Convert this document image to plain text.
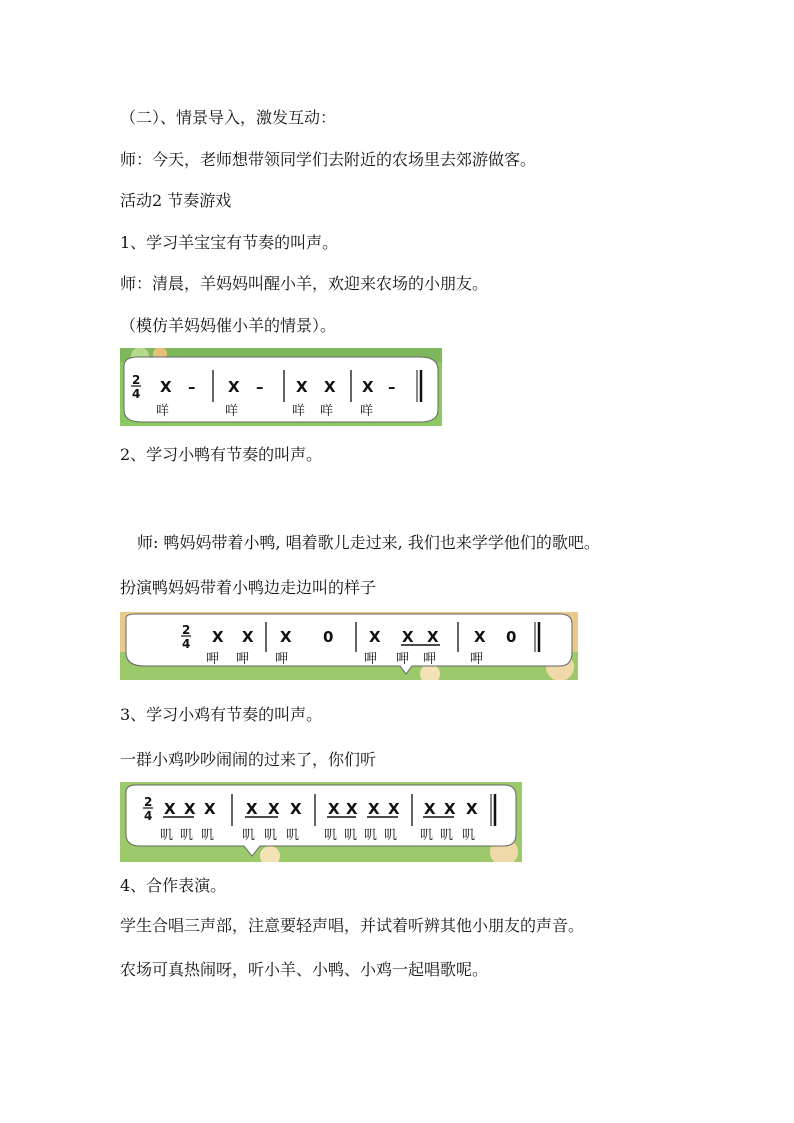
（二）、情景导入，激发互动：
师：今天，老师想带领同学们去附近的农场里去郊游做客。
活动2 节奏游戏
1、学习羊宝宝有节奏的叫声。
师：清晨，羊妈妈叫醒小羊，欢迎来农场的小朋友。
（模仿羊妈妈催小羊的情景）。
2
4 X – X – X X X –
咩	咩	咩 咩 咩
2、学习小鸭有节奏的叫声。
师: 鸭妈妈带着小鸭, 唱着歌儿走过来, 我们也来学学他们的歌吧。
扮演鸭妈妈带着小鸭边走边叫的样子
2
4 X X X 0 X X X X 0
呷 呷 呷	呷 呷 呷	呷
3、学习小鸡有节奏的叫声。
一群小鸡吵吵闹闹的过来了，你们听
2
4 X X X X X X X X X X X X X
叽 叽 叽 叽 叽 叽 叽 叽 叽 叽 叽 叽 叽
4、合作表演。
学生合唱三声部，注意要轻声唱，并试着听辨其他小朋友的声音。
农场可真热闹呀，听小羊、小鸭、小鸡一起唱歌呢。
